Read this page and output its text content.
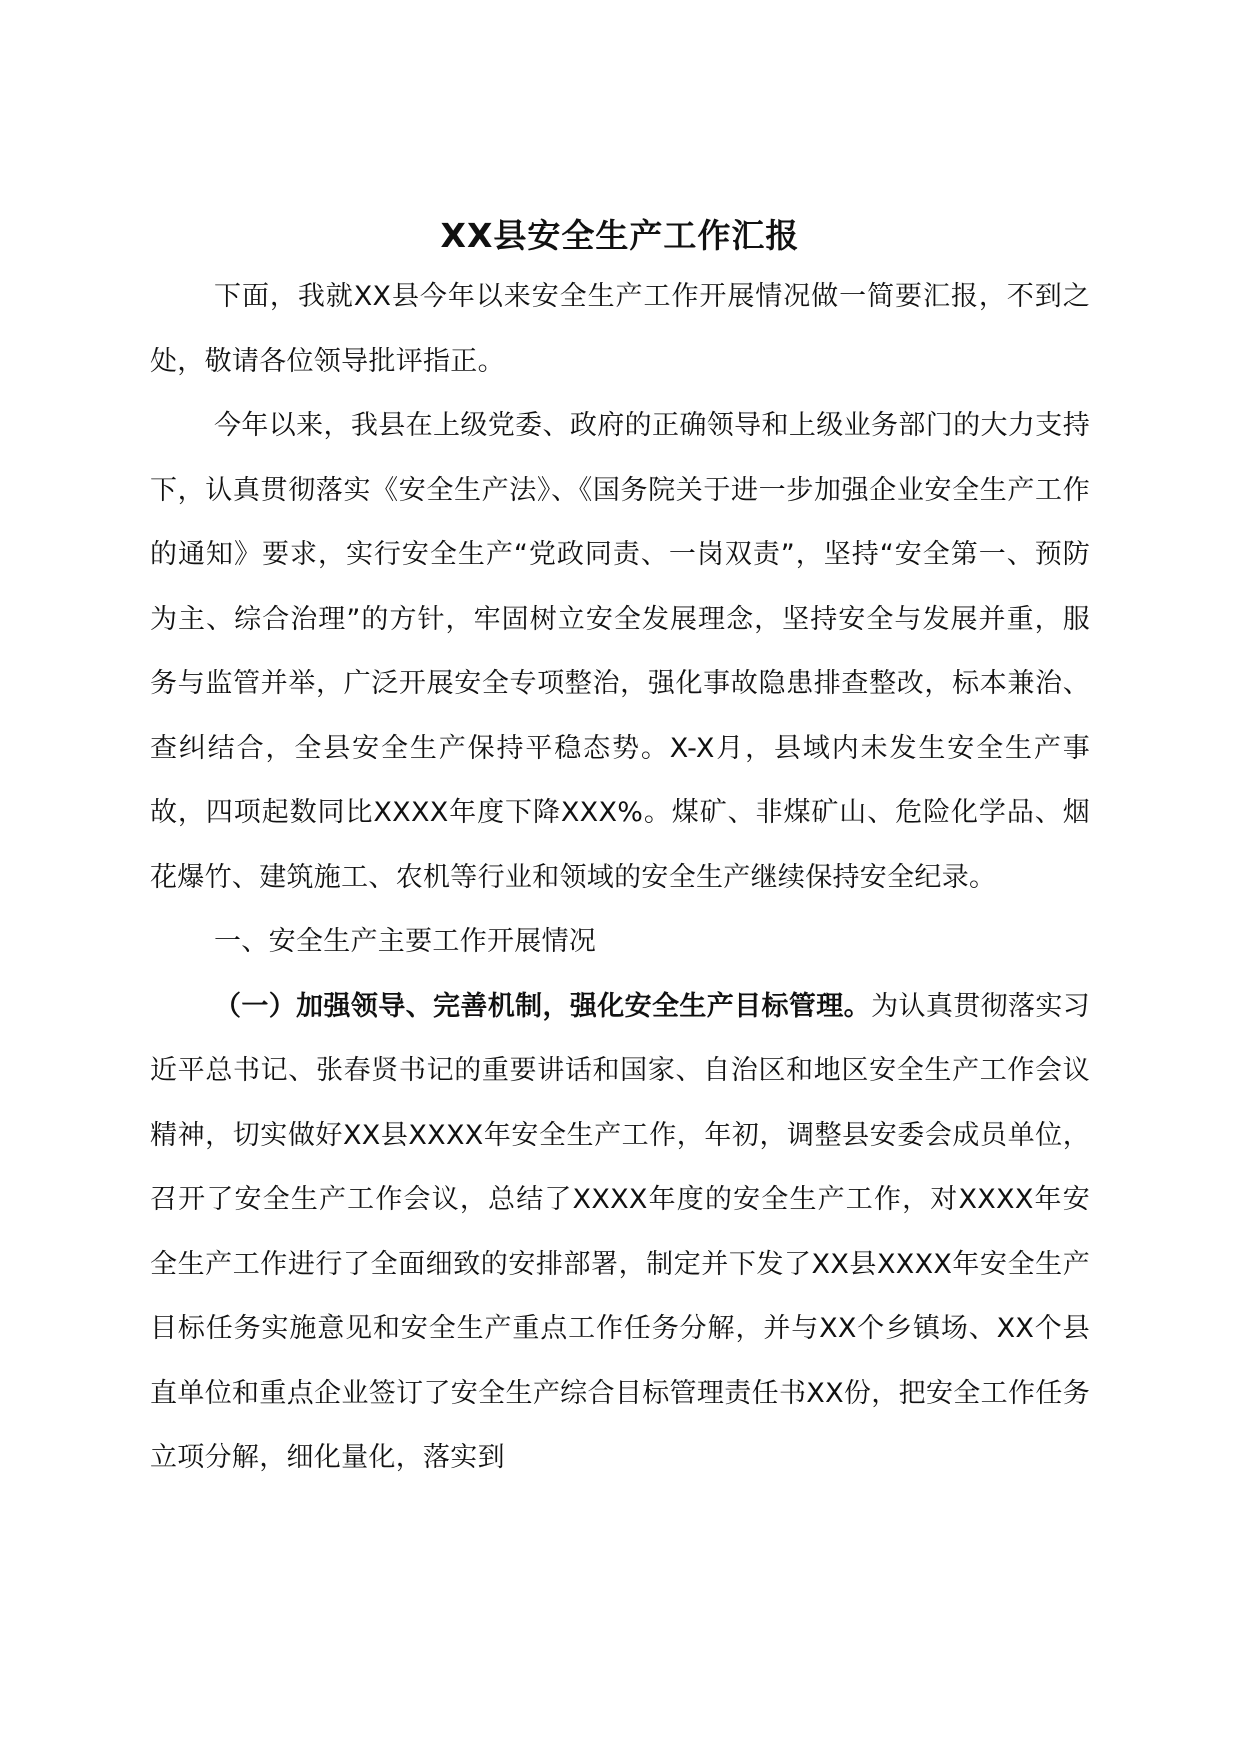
XX县安全生产工作汇报

下面，我就XX县今年以来安全生产工作开展情况做一简要汇报，不到之处，敬请各位领导批评指正。

今年以来，我县在上级党委、政府的正确领导和上级业务部门的大力支持下，认真贯彻落实《安全生产法》、《国务院关于进一步加强企业安全生产工作的通知》要求，实行安全生产“党政同责、一岗双责”，坚持“安全第一、预防为主、综合治理”的方针，牢固树立安全发展理念，坚持安全与发展并重，服务与监管并举，广泛开展安全专项整治，强化事故隐患排查整改，标本兼治、查纠结合，全县安全生产保持平稳态势。X-X月，县域内未发生安全生产事故，四项起数同比XXXX年度下降XXX%。煤矿、非煤矿山、危险化学品、烟花爆竹、建筑施工、农机等行业和领域的安全生产继续保持安全纪录。

一、安全生产主要工作开展情况

（一）加强领导、完善机制，强化安全生产目标管理。为认真贯彻落实习近平总书记、张春贤书记的重要讲话和国家、自治区和地区安全生产工作会议精神，切实做好XX县XXXX年安全生产工作，年初，调整县安委会成员单位，召开了安全生产工作会议，总结了XXXX年度的安全生产工作，对XXXX年安全生产工作进行了全面细致的安排部署，制定并下发了XX县XXXX年安全生产目标任务实施意见和安全生产重点工作任务分解，并与XX个乡镇场、XX个县直单位和重点企业签订了安全生产综合目标管理责任书XX份，把安全工作任务立项分解，细化量化，落实到
